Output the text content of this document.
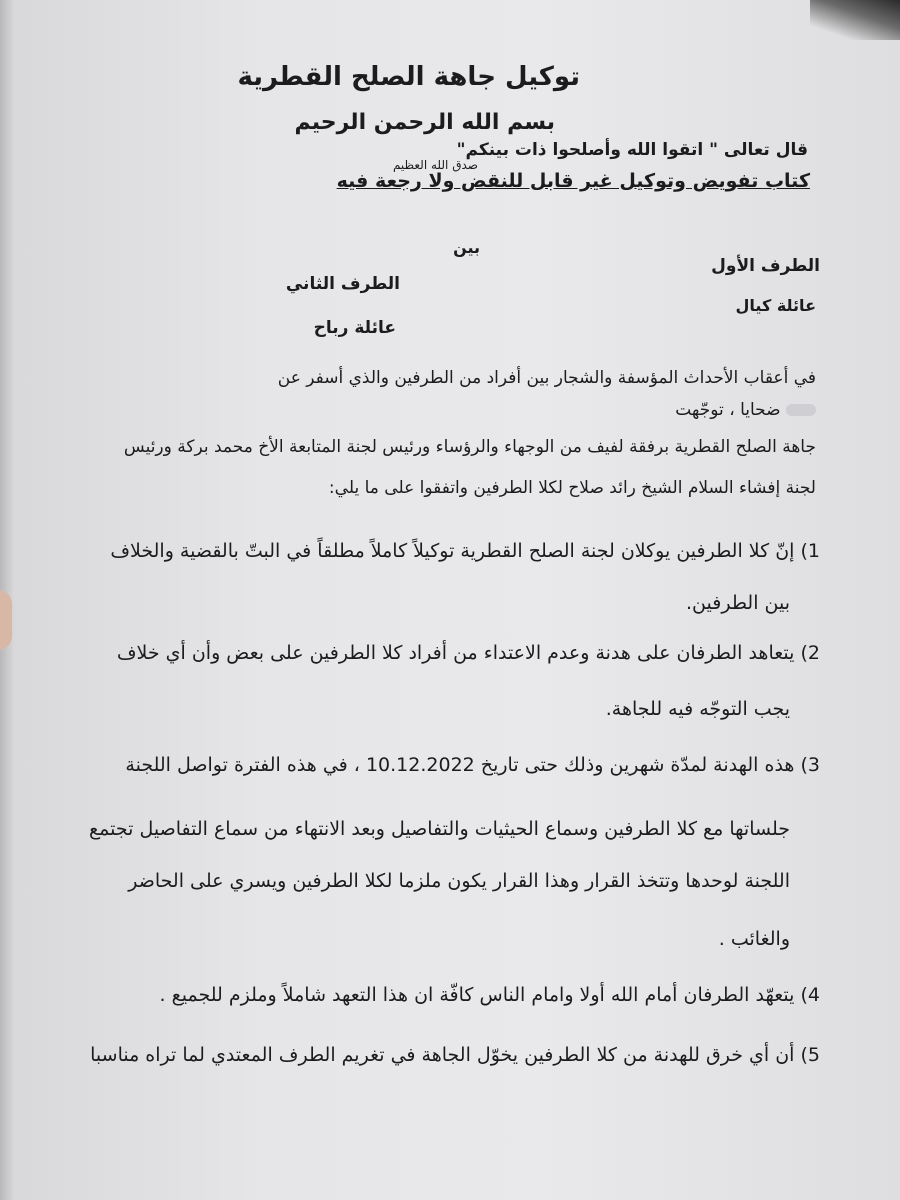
توكيل جاهة الصلح القطرية
بسم الله الرحمن الرحيم
قال تعالى " اتقوا الله وأصلحوا ذات بينكم"
صدق الله العظيم
كتاب تفويض وتوكيل غير قابل للنقض ولا رجعة فيه
بين
الطرف الأول
الطرف الثاني
عائلة كيال
عائلة رباح
في أعقاب الأحداث المؤسفة والشجار بين أفراد من الطرفين والذي أسفر عن
ضحايا ، توجّهت
جاهة الصلح القطرية برفقة لفيف من الوجهاء والرؤساء ورئيس لجنة المتابعة الأخ محمد بركة ورئيس
لجنة إفشاء السلام الشيخ رائد صلاح لكلا الطرفين واتفقوا على ما يلي:
1) إنّ كلا الطرفين يوكلان لجنة الصلح القطرية توكيلاً كاملاً مطلقاً في البتّ بالقضية والخلاف
بين الطرفين.
2) يتعاهد الطرفان على هدنة وعدم الاعتداء من أفراد كلا الطرفين على بعض وأن أي خلاف
يجب التوجّه فيه للجاهة.
3) هذه الهدنة لمدّة شهرين وذلك حتى تاريخ 10.12.2022 ، في هذه الفترة تواصل اللجنة
جلساتها مع كلا الطرفين وسماع الحيثيات والتفاصيل وبعد الانتهاء من سماع التفاصيل تجتمع
اللجنة لوحدها وتتخذ القرار وهذا القرار يكون ملزما لكلا الطرفين ويسري على الحاضر
والغائب .
4) يتعهّد الطرفان أمام الله أولا وامام الناس كافّة ان هذا التعهد شاملاً وملزم للجميع .
5) أن أي خرق للهدنة من كلا الطرفين يخوّل الجاهة في تغريم الطرف المعتدي لما تراه مناسبا
